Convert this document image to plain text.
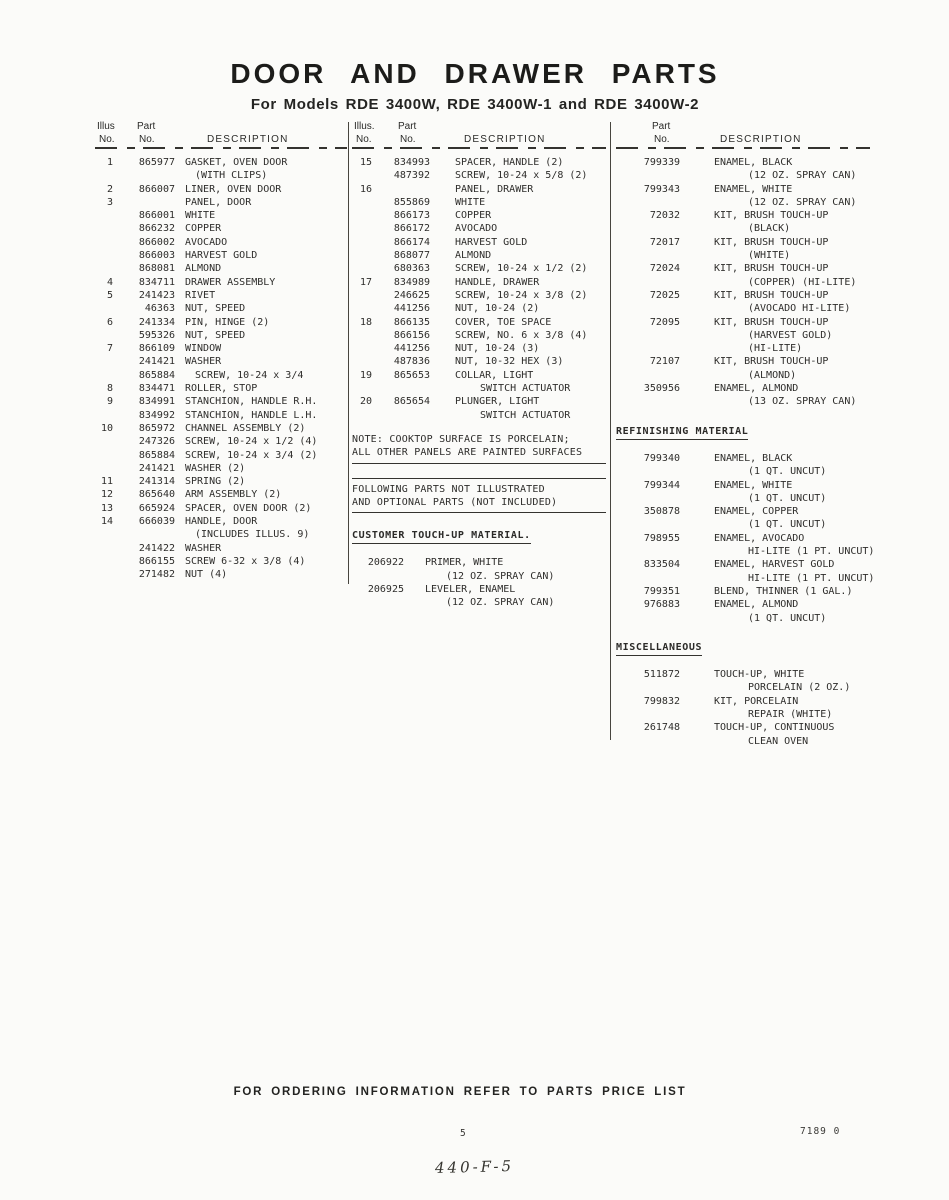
DOOR AND DRAWER PARTS
For Models RDE 3400W, RDE 3400W-1 and RDE 3400W-2
Illus Part
No. No.	DESCRIPTION
1	865977 GASKET, OVEN DOOR
(WITH CLIPS)
2	866007 LINER, OVEN DOOR
3	PANEL, DOOR
866001 WHITE
866232 COPPER
866002 AVOCADO
866003 HARVEST GOLD
868081 ALMOND
4	834711 DRAWER ASSEMBLY
5	241423 RIVET
46363 NUT, SPEED
6	241334 PIN, HINGE (2)
595326 NUT, SPEED
7	866109 WINDOW
241421 WASHER
865884	SCREW, 10-24 x 3/4
8	834471 ROLLER, STOP
9	834991 STANCHION, HANDLE R.H.
834992 STANCHION, HANDLE L.H.
10	865972 CHANNEL ASSEMBLY (2)
247326 SCREW, 10-24 x 1/2 (4)
865884 SCREW, 10-24 x 3/4 (2)
241421 WASHER (2)
11	241314 SPRING (2)
12	865640 ARM ASSEMBLY (2)
13	665924 SPACER, OVEN DOOR (2)
14	666039 HANDLE, DOOR
(INCLUDES ILLUS. 9)
241422 WASHER
866155 SCREW 6-32 x 3/8 (4)
271482 NUT (4)
Illus. Part
No.	No.	DESCRIPTION
15	834993	SPACER, HANDLE (2)
487392	SCREW, 10-24 x 5/8 (2)
16	PANEL, DRAWER
855869	WHITE
866173	COPPER
866172	AVOCADO
866174	HARVEST GOLD
868077	ALMOND
680363	SCREW, 10-24 x 1/2 (2)
17	834989	HANDLE, DRAWER
246625	SCREW, 10-24 x 3/8 (2)
441256	NUT, 10-24 (2)
18	866135	COVER, TOE SPACE
866156	SCREW, NO. 6 x 3/8 (4)
441256	NUT, 10-24 (3)
487836	NUT, 10-32 HEX (3)
19	865653	COLLAR, LIGHT
SWITCH ACTUATOR
20	865654	PLUNGER, LIGHT
SWITCH ACTUATOR
NOTE: COOKTOP SURFACE IS PORCELAIN;
ALL OTHER PANELS ARE PAINTED SURFACES
FOLLOWING PARTS NOT ILLUSTRATED
AND OPTIONAL PARTS (NOT INCLUDED)
CUSTOMER TOUCH-UP MATERIAL.
206922 PRIMER, WHITE
(12 OZ. SPRAY CAN)
206925 LEVELER, ENAMEL
(12 OZ. SPRAY CAN)
Part
No.	DESCRIPTION
799339	ENAMEL, BLACK
(12 OZ. SPRAY CAN)
799343	ENAMEL, WHITE
(12 OZ. SPRAY CAN)
72032	KIT, BRUSH TOUCH-UP
(BLACK)
72017	KIT, BRUSH TOUCH-UP
(WHITE)
72024	KIT, BRUSH TOUCH-UP
(COPPER) (HI-LITE)
72025	KIT, BRUSH TOUCH-UP
(AVOCADO HI-LITE)
72095	KIT, BRUSH TOUCH-UP
(HARVEST GOLD)
(HI-LITE)
72107	KIT, BRUSH TOUCH-UP
(ALMOND)
350956	ENAMEL, ALMOND
(13 OZ. SPRAY CAN)
REFINISHING MATERIAL
799340	ENAMEL, BLACK
(1 QT. UNCUT)
799344	ENAMEL, WHITE
(1 QT. UNCUT)
350878	ENAMEL, COPPER
(1 QT. UNCUT)
798955	ENAMEL, AVOCADO
HI-LITE (1 PT. UNCUT)
833504	ENAMEL, HARVEST GOLD
HI-LITE (1 PT. UNCUT)
799351	BLEND, THINNER (1 GAL.)
976883	ENAMEL, ALMOND
(1 QT. UNCUT)
MISCELLANEOUS
511872	TOUCH-UP, WHITE
PORCELAIN (2 OZ.)
799832	KIT, PORCELAIN
REPAIR (WHITE)
261748	TOUCH-UP, CONTINUOUS
CLEAN OVEN
FOR ORDERING INFORMATION REFER TO PARTS PRICE LIST
5	7189 0
440-F-5
